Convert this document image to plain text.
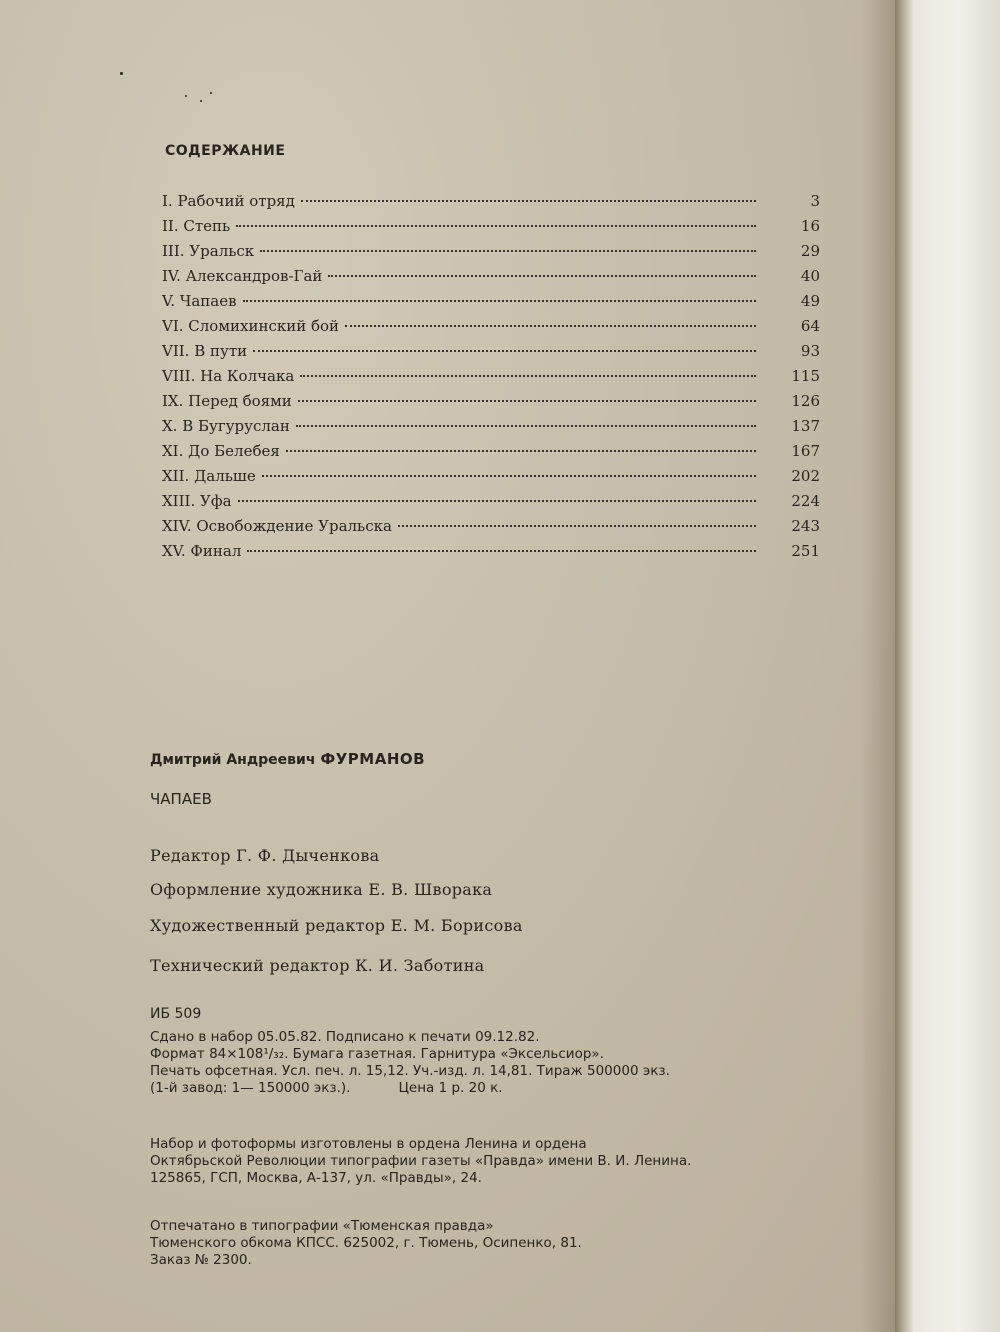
СОДЕРЖАНИЕ
I. Рабочий отряд	3
II. Степь	16
III. Уральск	29
IV. Александров-Гай	40
V. Чапаев	49
VI. Сломихинский бой	64
VII. В пути	93
VIII. На Колчака	115
IX. Перед боями	126
X. В Бугуруслан	137
XI. До Белебея	167
XII. Дальше	202
XIII. Уфа	224
XIV. Освобождение Уральска	243
XV. Финал	251
Дмитрий Андреевич ФУРМАНОВ
ЧАПАЕВ
Редактор Г. Ф. Дыченкова
Оформление художника Е. В. Шворака
Художественный редактор Е. М. Борисова
Технический редактор К. И. Заботина
ИБ 509
Сдано в набор 05.05.82. Подписано к печати 09.12.82.
Формат 84×108¹/₃₂. Бумага газетная. Гарнитура «Эксельсиор».
Печать офсетная. Усл. печ. л. 15,12. Уч.-изд. л. 14,81. Тираж 500000 экз.
(1-й завод: 1— 150000 экз.).	Цена 1 р. 20 к.
Набор и фотоформы изготовлены в ордена Ленина и ордена
Октябрьской Революции типографии газеты «Правда» имени В. И. Ленина.
125865, ГСП, Москва, А-137, ул. «Правды», 24.
Отпечатано в типографии «Тюменская правда»
Тюменского обкома КПСС. 625002, г. Тюмень, Осипенко, 81.
Заказ № 2300.
